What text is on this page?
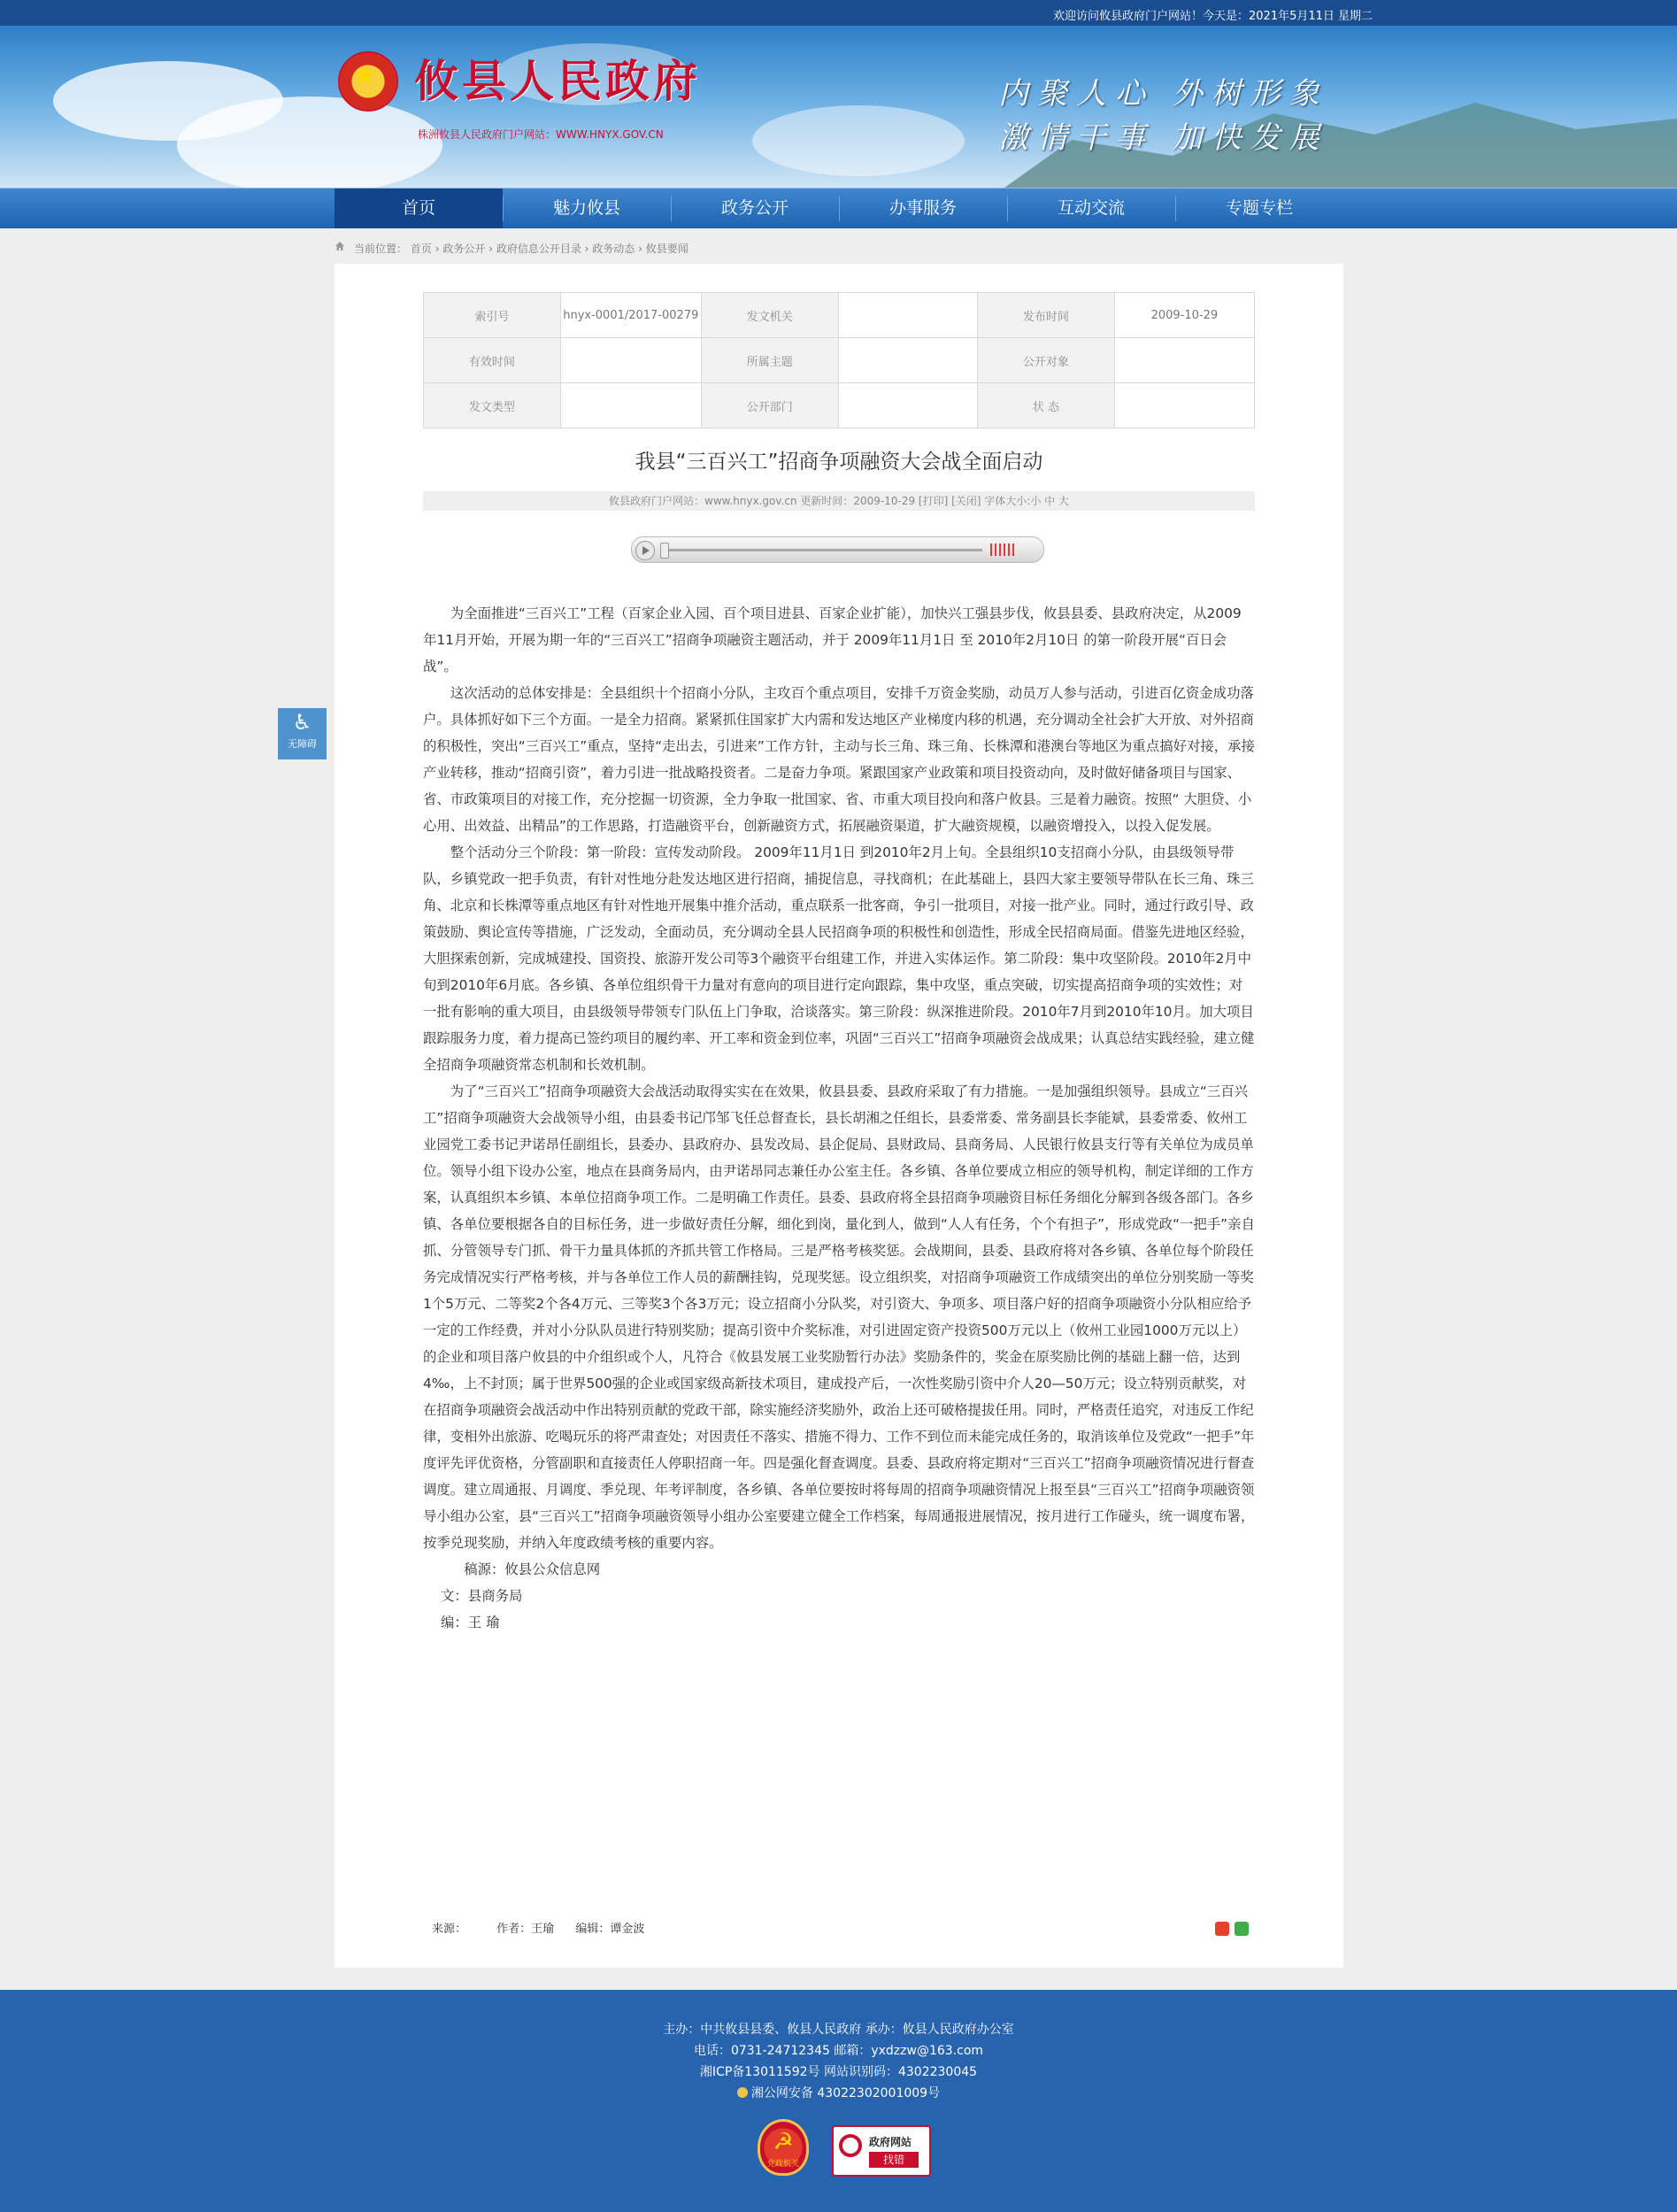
欢迎访问攸县政府门户网站！今天是：2021年5月11日 星期二
★ 攸县人民政府
株洲攸县人民政府门户网站：WWW.HNYX.GOV.CN
内聚人心 外树形象
激情干事 加快发展
首页	魅力攸县	政务公开	办事服务	互动交流	专题专栏
当前位置： 首页 › 政务公开 › 政府信息公开目录 › 政务动态 › 攸县要闻
♿
无障碍
索引号	hnyx-0001/2017-00279	发文机关		发布时间	2009-10-29
有效时间		所属主题		公开对象	
发文类型		公开部门		状 态	
我县“三百兴工”招商争项融资大会战全面启动
攸县政府门户网站：www.hnyx.gov.cn 更新时间：2009-10-29 [打印] [关闭] 字体大小:小 中 大

为全面推进“三百兴工”工程（百家企业入园、百个项目进县、百家企业扩能），加快兴工强县步伐，攸县县委、县政府决定，从2009年11月开始，开展为期一年的“三百兴工”招商争项融资主题活动，并于 2009年11月1日 至 2010年2月10日 的第一阶段开展“百日会战”。

这次活动的总体安排是：全县组织十个招商小分队，主攻百个重点项目，安排千万资金奖励，动员万人参与活动，引进百亿资金成功落户。具体抓好如下三个方面。一是全力招商。紧紧抓住国家扩大内需和发达地区产业梯度内移的机遇，充分调动全社会扩大开放、对外招商的积极性，突出“三百兴工”重点，坚持“走出去，引进来”工作方针，主动与长三角、珠三角、长株潭和港澳台等地区为重点搞好对接，承接产业转移，推动“招商引资”，着力引进一批战略投资者。二是奋力争项。紧跟国家产业政策和项目投资动向，及时做好储备项目与国家、省、市政策项目的对接工作，充分挖掘一切资源，全力争取一批国家、省、市重大项目投向和落户攸县。三是着力融资。按照“ 大胆贷、小心用、出效益、出精品”的工作思路，打造融资平台，创新融资方式，拓展融资渠道，扩大融资规模，以融资增投入，以投入促发展。

整个活动分三个阶段：第一阶段：宣传发动阶段。 2009年11月1日 到2010年2月上旬。全县组织10支招商小分队，由县级领导带队，乡镇党政一把手负责，有针对性地分赴发达地区进行招商，捕捉信息，寻找商机；在此基础上，县四大家主要领导带队在长三角、珠三角、北京和长株潭等重点地区有针对性地开展集中推介活动，重点联系一批客商，争引一批项目，对接一批产业。同时，通过行政引导、政策鼓励、舆论宣传等措施，广泛发动，全面动员，充分调动全县人民招商争项的积极性和创造性，形成全民招商局面。借鉴先进地区经验，大胆探索创新，完成城建投、国资投、旅游开发公司等3个融资平台组建工作，并进入实体运作。第二阶段：集中攻坚阶段。2010年2月中旬到2010年6月底。各乡镇、各单位组织骨干力量对有意向的项目进行定向跟踪，集中攻坚，重点突破，切实提高招商争项的实效性；对一批有影响的重大项目，由县级领导带领专门队伍上门争取，洽谈落实。第三阶段：纵深推进阶段。2010年7月到2010年10月。加大项目跟踪服务力度，着力提高已签约项目的履约率、开工率和资金到位率，巩固“三百兴工”招商争项融资会战成果；认真总结实践经验，建立健全招商争项融资常态机制和长效机制。

为了“三百兴工”招商争项融资大会战活动取得实实在在效果，攸县县委、县政府采取了有力措施。一是加强组织领导。县成立“三百兴工”招商争项融资大会战领导小组，由县委书记邝邹飞任总督查长，县长胡湘之任组长，县委常委、常务副县长李能斌，县委常委、攸州工业园党工委书记尹诺昂任副组长，县委办、县政府办、县发改局、县企促局、县财政局、县商务局、人民银行攸县支行等有关单位为成员单位。领导小组下设办公室，地点在县商务局内，由尹诺昂同志兼任办公室主任。各乡镇、各单位要成立相应的领导机构，制定详细的工作方案，认真组织本乡镇、本单位招商争项工作。二是明确工作责任。县委、县政府将全县招商争项融资目标任务细化分解到各级各部门。各乡镇、各单位要根据各自的目标任务，进一步做好责任分解，细化到岗，量化到人，做到“人人有任务，个个有担子”，形成党政“一把手”亲自抓、分管领导专门抓、骨干力量具体抓的齐抓共管工作格局。三是严格考核奖惩。会战期间，县委、县政府将对各乡镇、各单位每个阶段任务完成情况实行严格考核，并与各单位工作人员的薪酬挂钩，兑现奖惩。设立组织奖，对招商争项融资工作成绩突出的单位分别奖励一等奖1个5万元、二等奖2个各4万元、三等奖3个各3万元；设立招商小分队奖，对引资大、争项多、项目落户好的招商争项融资小分队相应给予一定的工作经费，并对小分队队员进行特别奖励；提高引资中介奖标准，对引进固定资产投资500万元以上（攸州工业园1000万元以上）的企业和项目落户攸县的中介组织或个人，凡符合《攸县发展工业奖励暂行办法》奖励条件的，奖金在原奖励比例的基础上翻一倍，达到4‰，上不封顶；属于世界500强的企业或国家级高新技术项目，建成投产后，一次性奖励引资中介人20—50万元；设立特别贡献奖，对在招商争项融资会战活动中作出特别贡献的党政干部，除实施经济奖励外，政治上还可破格提拔任用。同时，严格责任追究，对违反工作纪律，变相外出旅游、吃喝玩乐的将严肃查处；对因责任不落实、措施不得力、工作不到位而未能完成任务的，取消该单位及党政“一把手”年度评先评优资格，分管副职和直接责任人停职招商一年。四是强化督查调度。县委、县政府将定期对“三百兴工”招商争项融资情况进行督查调度。建立周通报、月调度、季兑现、年考评制度，各乡镇、各单位要按时将每周的招商争项融资情况上报至县“三百兴工”招商争项融资领导小组办公室，县“三百兴工”招商争项融资领导小组办公室要建立健全工作档案，每周通报进展情况，按月进行工作碰头，统一调度布署，按季兑现奖励，并纳入年度政绩考核的重要内容。

稿源：攸县公众信息网

文：县商务局

编：王 瑜

来源：	作者：王瑜 编辑：谭金波
主办：中共攸县县委、攸县人民政府 承办：攸县人民政府办公室
电话：0731-24712345 邮箱：yxdzzw@163.com
湘ICP备13011592号 网站识别码：4302230045
湘公网安备 43022302001009号
☭
党政机关
政府网站
找错
